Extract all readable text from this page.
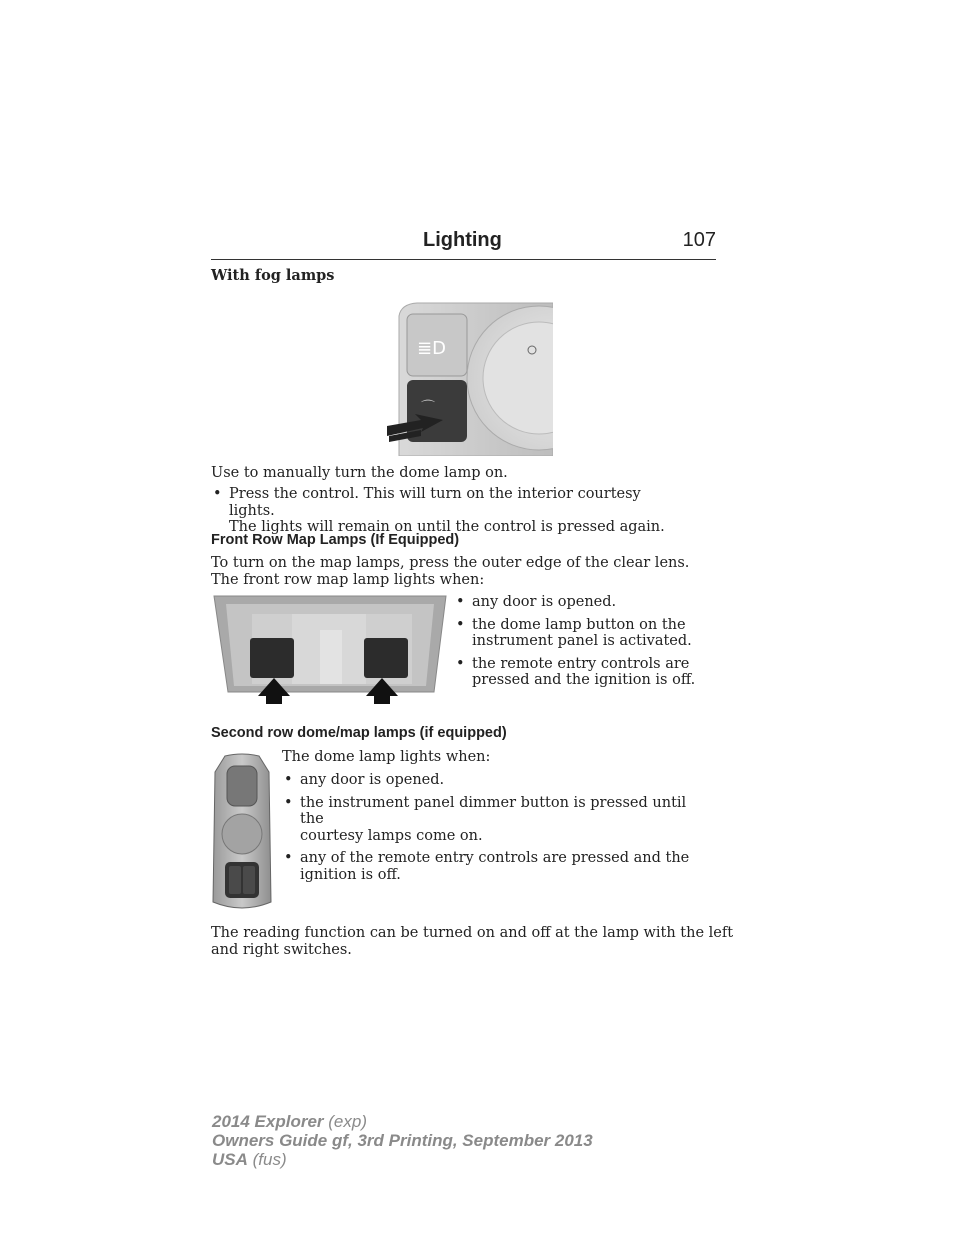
Lighting	107
With fog lamps
≣D
⌒
Use to manually turn the dome lamp on.
• Press the control. This will turn on the interior courtesy lights.
The lights will remain on until the control is pressed again.
Front Row Map Lamps (If Equipped)
To turn on the map lamps, press the outer edge of the clear lens.
The front row map lamp lights when:
• any door is opened.
• the dome lamp button on the
instrument panel is activated.
• the remote entry controls are
pressed and the ignition is off.
Second row dome/map lamps (if equipped)
The dome lamp lights when:
• any door is opened.
• the instrument panel dimmer button is pressed until the
courtesy lamps come on.
• any of the remote entry controls are pressed and the
ignition is off.
The reading function can be turned on and off at the lamp with the left
and right switches.
2014 Explorer (exp)
Owners Guide gf, 3rd Printing, September 2013
USA (fus)
